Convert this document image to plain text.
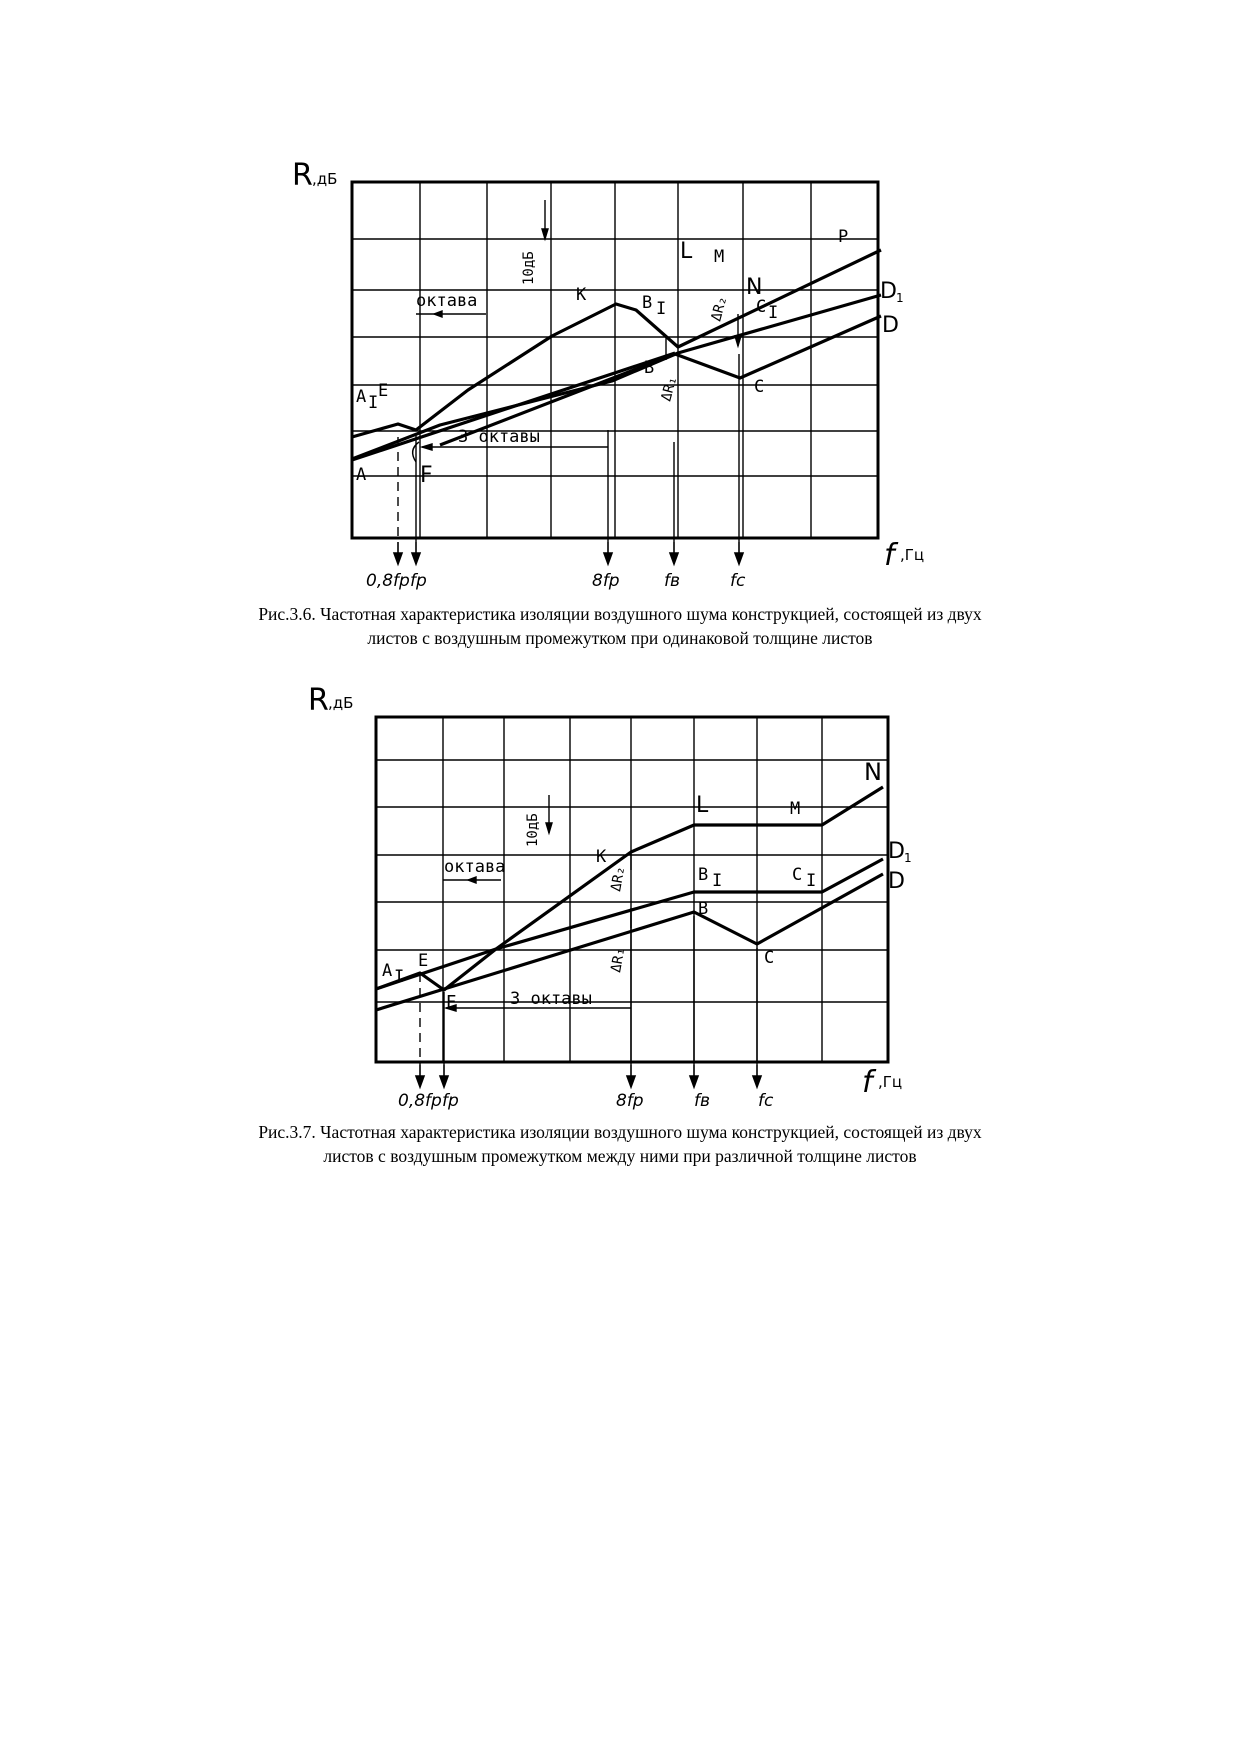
R ,дБ
f ,Гц
10дБ
октава
3 октавы
A I
E
A F
K
L M
N
P
B I
B
C I
C
D 1
D
ΔR₁
ΔR₂
0,8fр fр	8fр	fв	fc

Рис.3.6. Частотная характеристика изоляции воздушного шума конструкцией, состоящей из двух
листов с воздушным промежутком при одинаковой толщине листов

R ,дБ
f ,Гц
10дБ
октава
3 октавы
A I
E
F
K
L	M
N
B I
B
C I
C
D 1
D
ΔR₁
ΔR₂
0,8fр fр	8fр	fв	fc

Рис.3.7. Частотная характеристика изоляции воздушного шума конструкцией, состоящей из двух
листов с воздушным промежутком между ними при различной толщине листов
